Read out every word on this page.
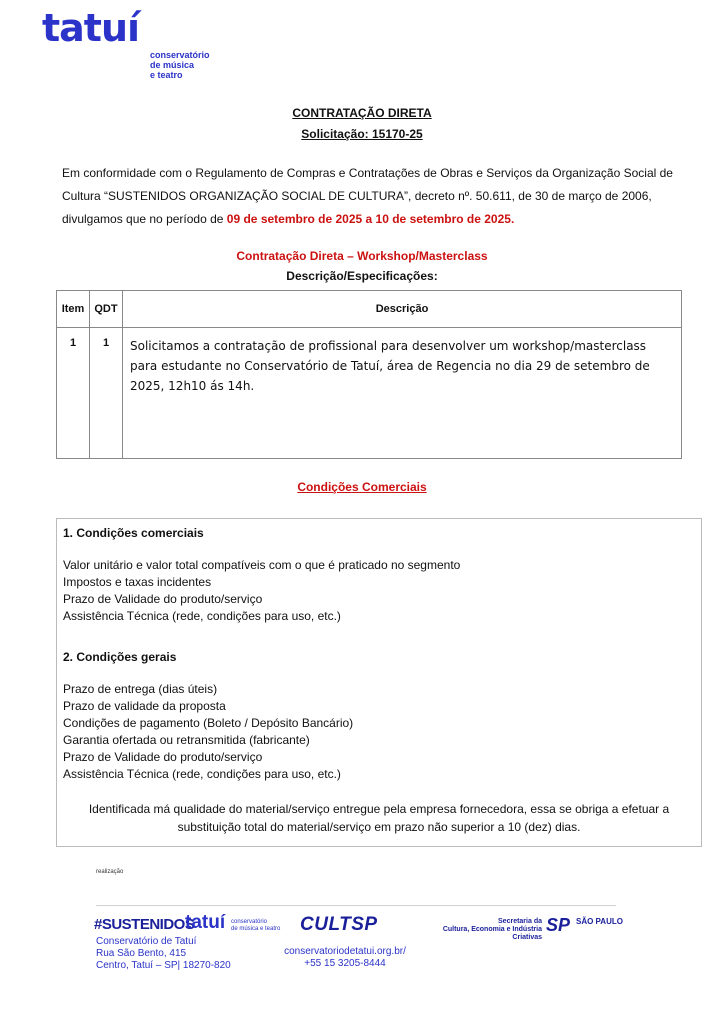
tatuí
conservatório
de música
e teatro
CONTRATAÇÃO DIRETA
Solicitação: 15170-25
Em conformidade com o Regulamento de Compras e Contratações de Obras e Serviços da Organização Social de Cultura “SUSTENIDOS ORGANIZAÇÃO SOCIAL DE CULTURA”, decreto nº. 50.611, de 30 de março de 2006, divulgamos que no período de 09 de setembro de 2025 a 10 de setembro de 2025.
Contratação Direta – Workshop/Masterclass
Descrição/Especificações:
Item	QDT	Descrição

1	1	Solicitamos a contratação de profissional para desenvolver um workshop/masterclass para estudante no Conservatório de Tatuí, área de Regencia no dia 29 de setembro de 2025, 12h10 ás 14h.
Condições Comerciais
1. Condições comerciais
Valor unitário e valor total compatíveis com o que é praticado no segmento
Impostos e taxas incidentes
Prazo de Validade do produto/serviço
Assistência Técnica (rede, condições para uso, etc.)
2. Condições gerais
Prazo de entrega (dias úteis)
Prazo de validade da proposta
Condições de pagamento (Boleto / Depósito Bancário)
Garantia ofertada ou retransmitida (fabricante)
Prazo de Validade do produto/serviço
Assistência Técnica (rede, condições para uso, etc.)
Identificada má qualidade do material/serviço entregue pela empresa fornecedora, essa se obriga a efetuar a substituição total do material/serviço em prazo não superior a 10 (dez) dias.
realização
#SUSTENIDOS
tatuí conservatório
de música e teatro CULTSP	Secretaria da
Cultura, Economia e Indústria Criativas
SP SÃO PAULO
Conservatório de Tatuí
Rua São Bento, 415
Centro, Tatuí – SP| 18270-820
conservatoriodetatui.org.br/
+55 15 3205-8444
